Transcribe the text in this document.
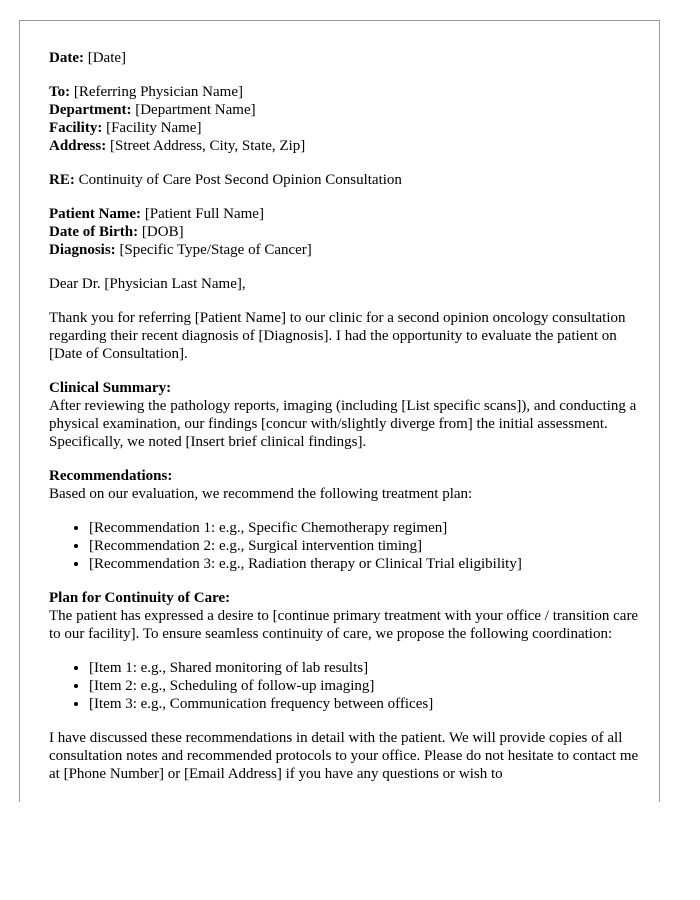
Date: [Date]

To: [Referring Physician Name]
Department: [Department Name]
Facility: [Facility Name]
Address: [Street Address, City, State, Zip]

RE: Continuity of Care Post Second Opinion Consultation

Patient Name: [Patient Full Name]
Date of Birth: [DOB]
Diagnosis: [Specific Type/Stage of Cancer]

Dear Dr. [Physician Last Name],

Thank you for referring [Patient Name] to our clinic for a second opinion oncology consultation regarding their recent diagnosis of [Diagnosis]. I had the opportunity to evaluate the patient on [Date of Consultation].

Clinical Summary:
After reviewing the pathology reports, imaging (including [List specific scans]), and conducting a physical examination, our findings [concur with/slightly diverge from] the initial assessment. Specifically, we noted [Insert brief clinical findings].

Recommendations:

Based on our evaluation, we recommend the following treatment plan:

• [Recommendation 1: e.g., Specific Chemotherapy regimen]
• [Recommendation 2: e.g., Surgical intervention timing]
• [Recommendation 3: e.g., Radiation therapy or Clinical Trial eligibility]
Plan for Continuity of Care:

The patient has expressed a desire to [continue primary treatment with your office / transition care to our facility]. To ensure seamless continuity of care, we propose the following coordination:

• [Item 1: e.g., Shared monitoring of lab results]
• [Item 2: e.g., Scheduling of follow-up imaging]
• [Item 3: e.g., Communication frequency between offices]

I have discussed these recommendations in detail with the patient. We will provide copies of all consultation notes and recommended protocols to your office. Please do not hesitate to contact me at [Phone Number] or [Email Address] if you have any questions or wish to
